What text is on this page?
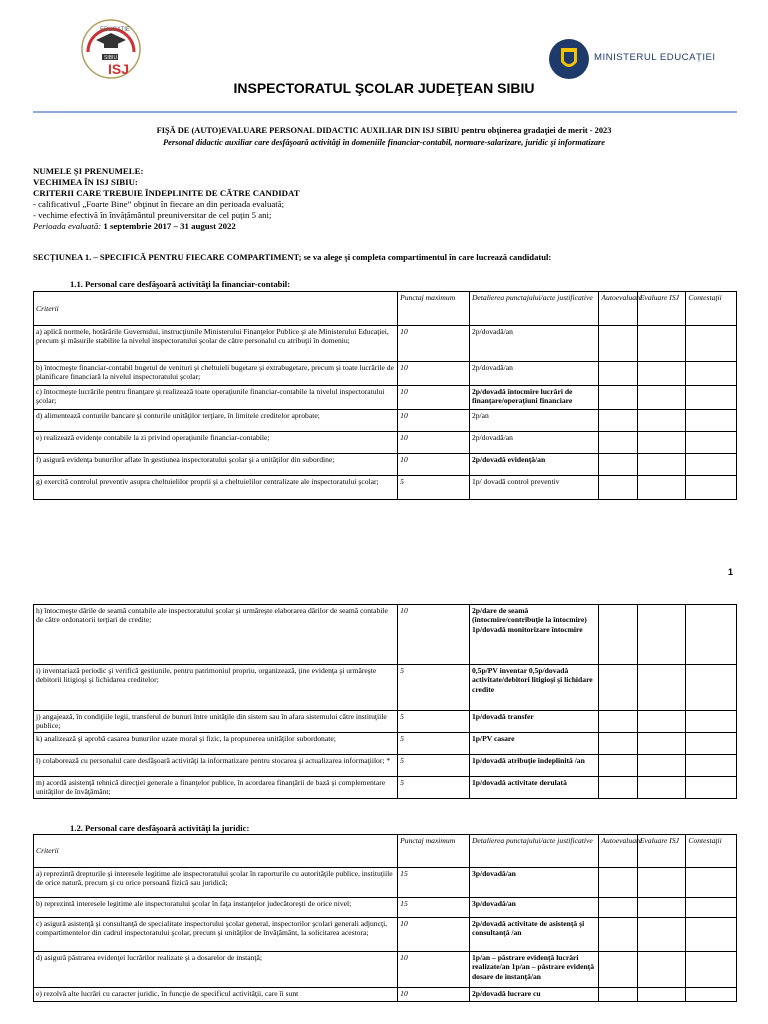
EDUCATIE
SIBIU
ISJ
MINISTERUL EDUCAȚIEI
INSPECTORATUL ŞCOLAR JUDEŢEAN SIBIU
FIŞĂ DE (AUTO)EVALUARE PERSONAL DIDACTIC AUXILIAR DIN ISJ SIBIU pentru obţinerea gradaţiei de merit - 2023
Personal didactic auxiliar care desfăşoară activităţi în domeniile financiar-contabil, normare-salarizare, juridic şi informatizare
NUMELE ȘI PRENUMELE:
VECHIMEA ÎN ISJ SIBIU:
CRITERII CARE TREBUIE ÎNDEPLINITE DE CĂTRE CANDIDAT
- calificativul „Foarte Bine” obţinut în fiecare an din perioada evaluată;
- vechime efectivă în învățământul preuniversitar de cel puțin 5 ani;
Perioada evaluată: 1 septembrie 2017 – 31 august 2022
SECȚIUNEA 1. – SPECIFICĂ PENTRU FIECARE COMPARTIMENT; se va alege şi completa compartimentul în care lucrează candidatul:
1.1. Personal care desfăşoară activităţi la financiar-contabil:
Criterii	Punctaj maximum	Detalierea punctajului/acte justificative	Autoevaluare	Evaluare ISJ	Contestaţii
a) aplică normele, hotărârile Guvernului, instrucţiunile Ministerului Finanţelor Publice şi ale Ministerului Educaţiei, precum şi măsurile stabilite la nivelul inspectoratului şcolar de către personalul cu atribuţii în domeniu;	10	2p/dovadă/an			
b) întocmeşte financiar-contabil bugetul de venituri şi cheltuieli bugetare şi extrabugetare, precum şi toate lucrările de planificare financiară la nivelul inspectoratului şcolar;	10	2p/dovadă/an			
c) întocmeşte lucrările pentru finanţare şi realizează toate operaţiunile financiar-contabile la nivelul inspectoratului şcolar;	10	2p/dovadă întocmire lucrări de finanţare/operaţiuni financiare			
d) alimentează conturile bancare şi conturile unităţilor terţiare, în limitele creditelor aprobate;	10	2p/an			
e) realizează evidenţe contabile la zi privind operaţiunile financiar-contabile;	10	2p/dovadă/an			
f) asigură evidenţa bunurilor aflate în gestiunea inspectoratului şcolar şi a unităţilor din subordine;	10	2p/dovadă evidenţă/an			
g) exercită controlul preventiv asupra cheltuielilor proprii şi a cheltuielilor centralizate ale inspectoratului şcolar;	5	1p/ dovadă control preventiv			
1
h) întocmeşte dările de seamă contabile ale inspectoratului şcolar şi urmăreşte elaborarea dărilor de seamă contabile de către ordonatorii terţiari de credite;	10	2p/dare de seamă (întocmire/contribuţie la întocmire) 1p/dovadă monitorizare întocmire			
i) inventariază periodic şi verifică gestiunile, pentru patrimoniul propriu, organizează, ţine evidenţa şi urmăreşte debitorii litigioşi şi lichidarea creditelor;	5	0,5p/PV inventar 0,5p/dovadă activitate/debitori litigioşi şi lichidare credite			
j) angajează, în condiţiile legii, transferul de bunuri între unităţile din sistem sau în afara sistemului către instituţiile publice;	5	1p/dovadă transfer			
k) analizează şi aprobă casarea bunurilor uzate moral şi fizic, la propunerea unităţilor subordonate;	5	1p/PV casare			
l) colaborează cu personalul care desfăşoară activităţi la informatizare pentru stocarea şi actualizarea informaţiilor; *	5	1p/dovadă atribuţie îndeplinită /an			
m) acordă asistenţă tehnică direcţiei generale a finanţelor publice, în acordarea finanţării de bază şi complementare unităţilor de învăţământ;	5	1p/dovadă activitate derulată			
1.2. Personal care desfăşoară activităţi la juridic:
Criterii	Punctaj maximum	Detalierea punctajului/acte justificative	Autoevaluare	Evaluare ISJ	Contestaţii
a) reprezintă drepturile şi interesele legitime ale inspectoratului şcolar în raporturile cu autorităţile publice, instituţiile de orice natură, precum şi cu orice persoană fizică sau juridică;	15	3p/dovadă/an			
b) reprezintă interesele legitime ale inspectoratului şcolar în faţa instanţelor judecătoreşti de orice nivel;	15	3p/dovadă/an			
c) asigură asistenţă şi consultanţă de specialitate inspectorului şcolar general, inspectorilor şcolari generali adjuncţi, compartimentelor din cadrul inspectoratului şcolar, precum şi unităţilor de învăţământ, la solicitarea acestora;	10	2p/dovadă activitate de asistenţă şi consultanţă /an			
d) asigură păstrarea evidenţei lucrărilor realizate şi a dosarelor de instanţă;	10	1p/an – păstrare evidenţă lucrări realizate/an 1p/an – păstrare evidenţă dosare de instanţă/an			
e) rezolvă alte lucrări cu caracter juridic, în funcţie de specificul activităţii, care îi sunt	10	2p/dovadă lucrare cu			
